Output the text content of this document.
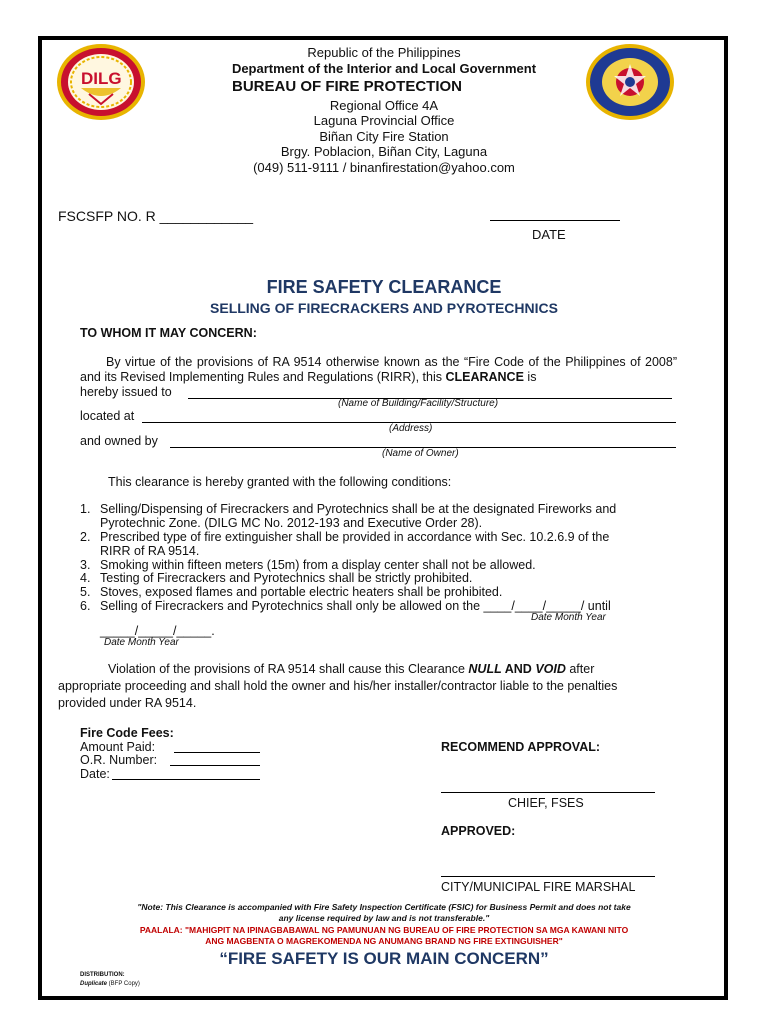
DILG
Republic of the Philippines
Department of the Interior and Local Government
BUREAU OF FIRE PROTECTION
Regional Office 4A
Laguna Provincial Office
Biñan City Fire Station
Brgy. Poblacion, Biñan City, Laguna
(049) 511-9111 / binanfirestation@yahoo.com
FSCSFP NO. R ____________
DATE
FIRE SAFETY CLEARANCE
SELLING OF FIRECRACKERS AND PYROTECHNICS
TO WHOM IT MAY CONCERN:
By virtue of the provisions of RA 9514 otherwise known as the “Fire Code of the Philippines of 2008” and its Revised Implementing Rules and Regulations (RIRR), this CLEARANCE is
hereby issued to
(Name of Building/Facility/Structure)
located at
(Address)
and owned by
(Name of Owner)
This clearance is hereby granted with the following conditions:
1. Selling/Dispensing of Firecrackers and Pyrotechnics shall be at the designated Fireworks and
Pyrotechnic Zone. (DILG MC No. 2012-193 and Executive Order 28).
2. Prescribed type of fire extinguisher shall be provided in accordance with Sec. 10.2.6.9 of the
RIRR of RA 9514.
3. Smoking within fifteen meters (15m) from a display center shall not be allowed.
4. Testing of Firecrackers and Pyrotechnics shall be strictly prohibited.
5. Stoves, exposed flames and portable electric heaters shall be prohibited.
6. Selling of Firecrackers and Pyrotechnics shall only be allowed on the ____/____/_____/ until
Date Month Year
_____/_____/_____.
Date Month Year
Violation of the provisions of RA 9514 shall cause this Clearance NULL AND VOID after
appropriate proceeding and shall hold the owner and his/her installer/contractor liable to the penalties
provided under RA 9514.
Fire Code Fees:
Amount Paid:
O.R. Number:
Date:
RECOMMEND APPROVAL:
CHIEF, FSES
APPROVED:
CITY/MUNICIPAL FIRE MARSHAL
"Note: This Clearance is accompanied with Fire Safety Inspection Certificate (FSIC) for Business Permit and does not take
any license required by law and is not transferable."
PAALALA: "MAHIGPIT NA IPINAGBABAWAL NG PAMUNUAN NG BUREAU OF FIRE PROTECTION SA MGA KAWANI NITO
ANG MAGBENTA O MAGREKOMENDA NG ANUMANG BRAND NG FIRE EXTINGUISHER"
“FIRE SAFETY IS OUR MAIN CONCERN”
DISTRIBUTION:
Duplicate (BFP Copy)
